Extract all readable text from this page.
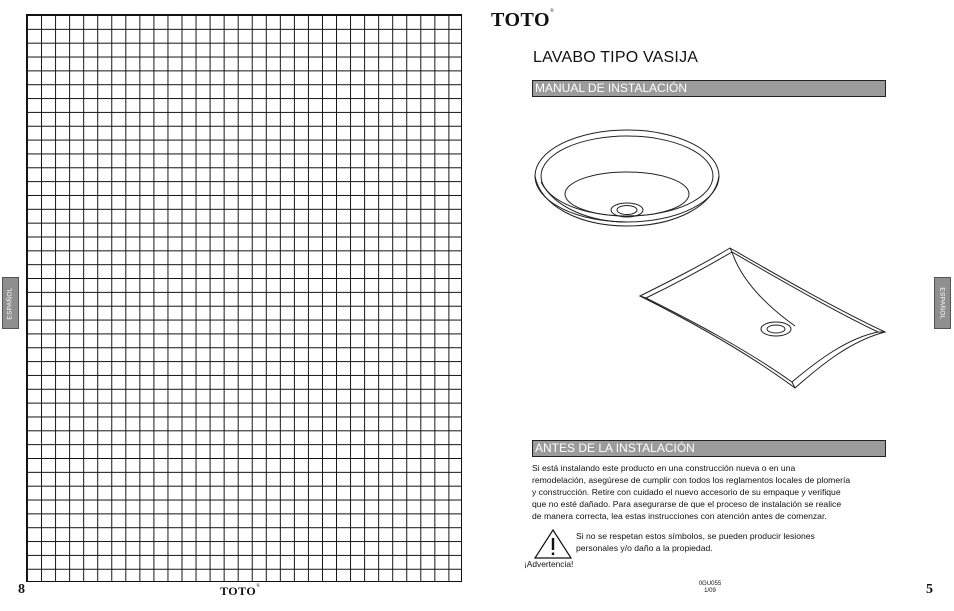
ESPAÑOL
8	TOTO®
TOTO®
ESPAÑOL
LAVABO TIPO VASIJA
MANUAL DE INSTALACIÓN
ANTES DE LA INSTALACIÓN
Si está instalando este producto en una construcción nueva o en una
remodelación, asegúrese de cumplir con todos los reglamentos locales de plomería
y construcción. Retire con cuidado el nuevo accesorio de su empaque y verifique
que no esté dañado. Para asegurarse de que el proceso de instalación se realice
de manera correcta, lea estas instrucciones con atención antes de comenzar.
Si no se respetan estos símbolos, se pueden producir lesiones
personales y/o daño a la propiedad.
¡Advertencia!
0GU055
1/09	5
